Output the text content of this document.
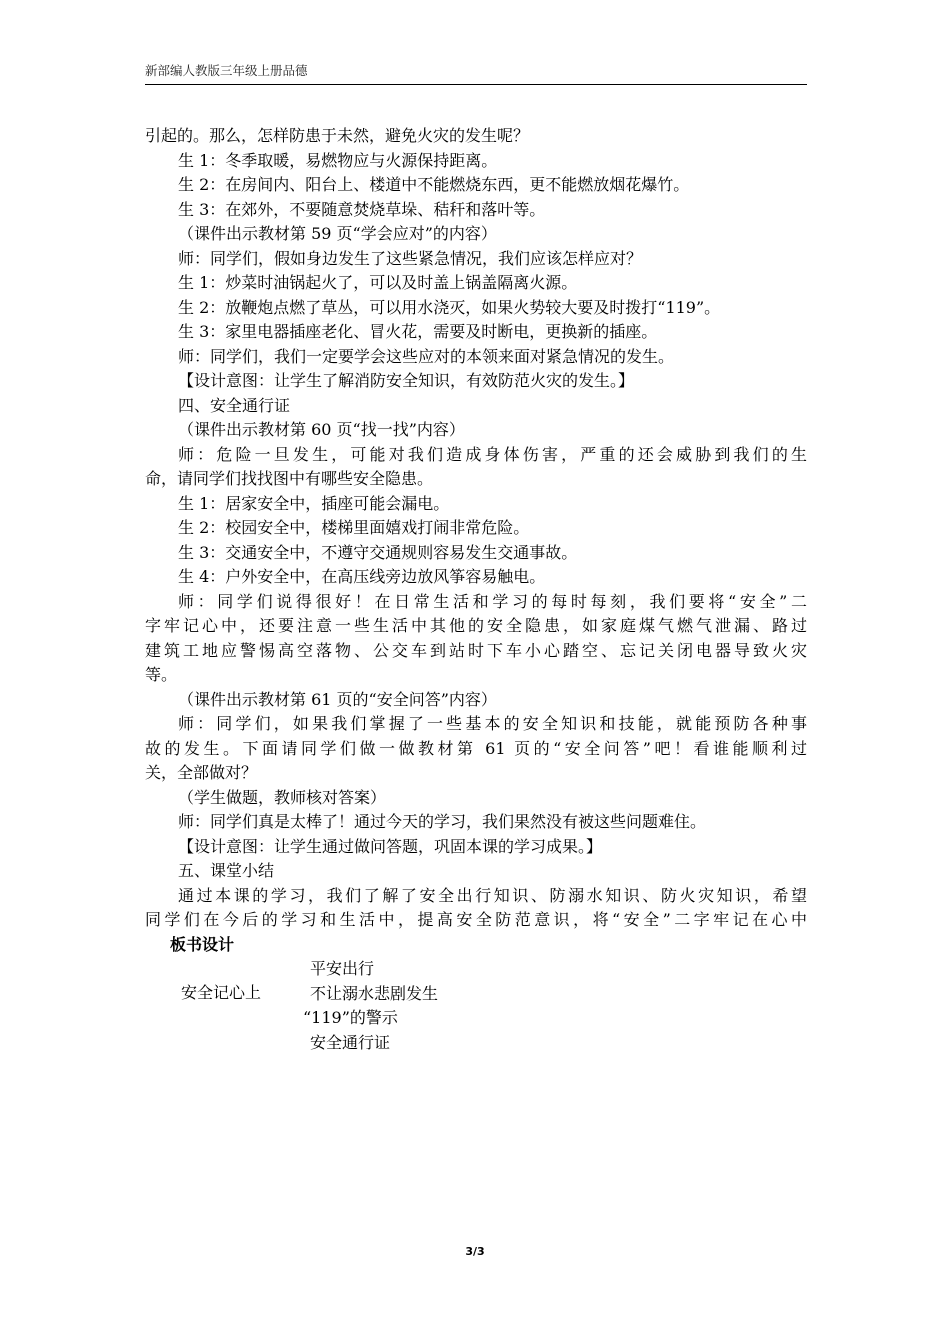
新部编人教版三年级上册品德
引起的。那么，怎样防患于未然，避免火灾的发生呢？
生 1：冬季取暖，易燃物应与火源保持距离。
生 2：在房间内、阳台上、楼道中不能燃烧东西，更不能燃放烟花爆竹。
生 3：在郊外，不要随意焚烧草垛、秸秆和落叶等。
（课件出示教材第 59 页“学会应对”的内容）
师：同学们，假如身边发生了这些紧急情况，我们应该怎样应对？
生 1：炒菜时油锅起火了，可以及时盖上锅盖隔离火源。
生 2：放鞭炮点燃了草丛，可以用水浇灭，如果火势较大要及时拨打“119”。
生 3：家里电器插座老化、冒火花，需要及时断电，更换新的插座。
师：同学们，我们一定要学会这些应对的本领来面对紧急情况的发生。
【设计意图：让学生了解消防安全知识，有效防范火灾的发生。】
四、安全通行证
（课件出示教材第 60 页“找一找”内容）
师：危险一旦发生，可能对我们造成身体伤害，严重的还会威胁到我们的生
命，请同学们找找图中有哪些安全隐患。
生 1：居家安全中，插座可能会漏电。
生 2：校园安全中，楼梯里面嬉戏打闹非常危险。
生 3：交通安全中，不遵守交通规则容易发生交通事故。
生 4：户外安全中，在高压线旁边放风筝容易触电。
师：同学们说得很好！在日常生活和学习的每时每刻，我们要将“安全”二
字牢记心中，还要注意一些生活中其他的安全隐患，如家庭煤气燃气泄漏、路过
建筑工地应警惕高空落物、公交车到站时下车小心踏空、忘记关闭电器导致火灾
等。
（课件出示教材第 61 页的“安全问答”内容）
师：同学们，如果我们掌握了一些基本的安全知识和技能，就能预防各种事
故的发生。下面请同学们做一做教材第 61 页的“安全问答”吧！看谁能顺利过
关，全部做对？
（学生做题，教师核对答案）
师：同学们真是太棒了！通过今天的学习，我们果然没有被这些问题难住。
【设计意图：让学生通过做问答题，巩固本课的学习成果。】
五、课堂小结
通过本课的学习，我们了解了安全出行知识、防溺水知识、防火灾知识，希望
同学们在今后的学习和生活中，提高安全防范意识，将“安全”二字牢记在心中
板书设计
安全记心上
平安出行
不让溺水悲剧发生
“119”的警示
安全通行证
3/3
